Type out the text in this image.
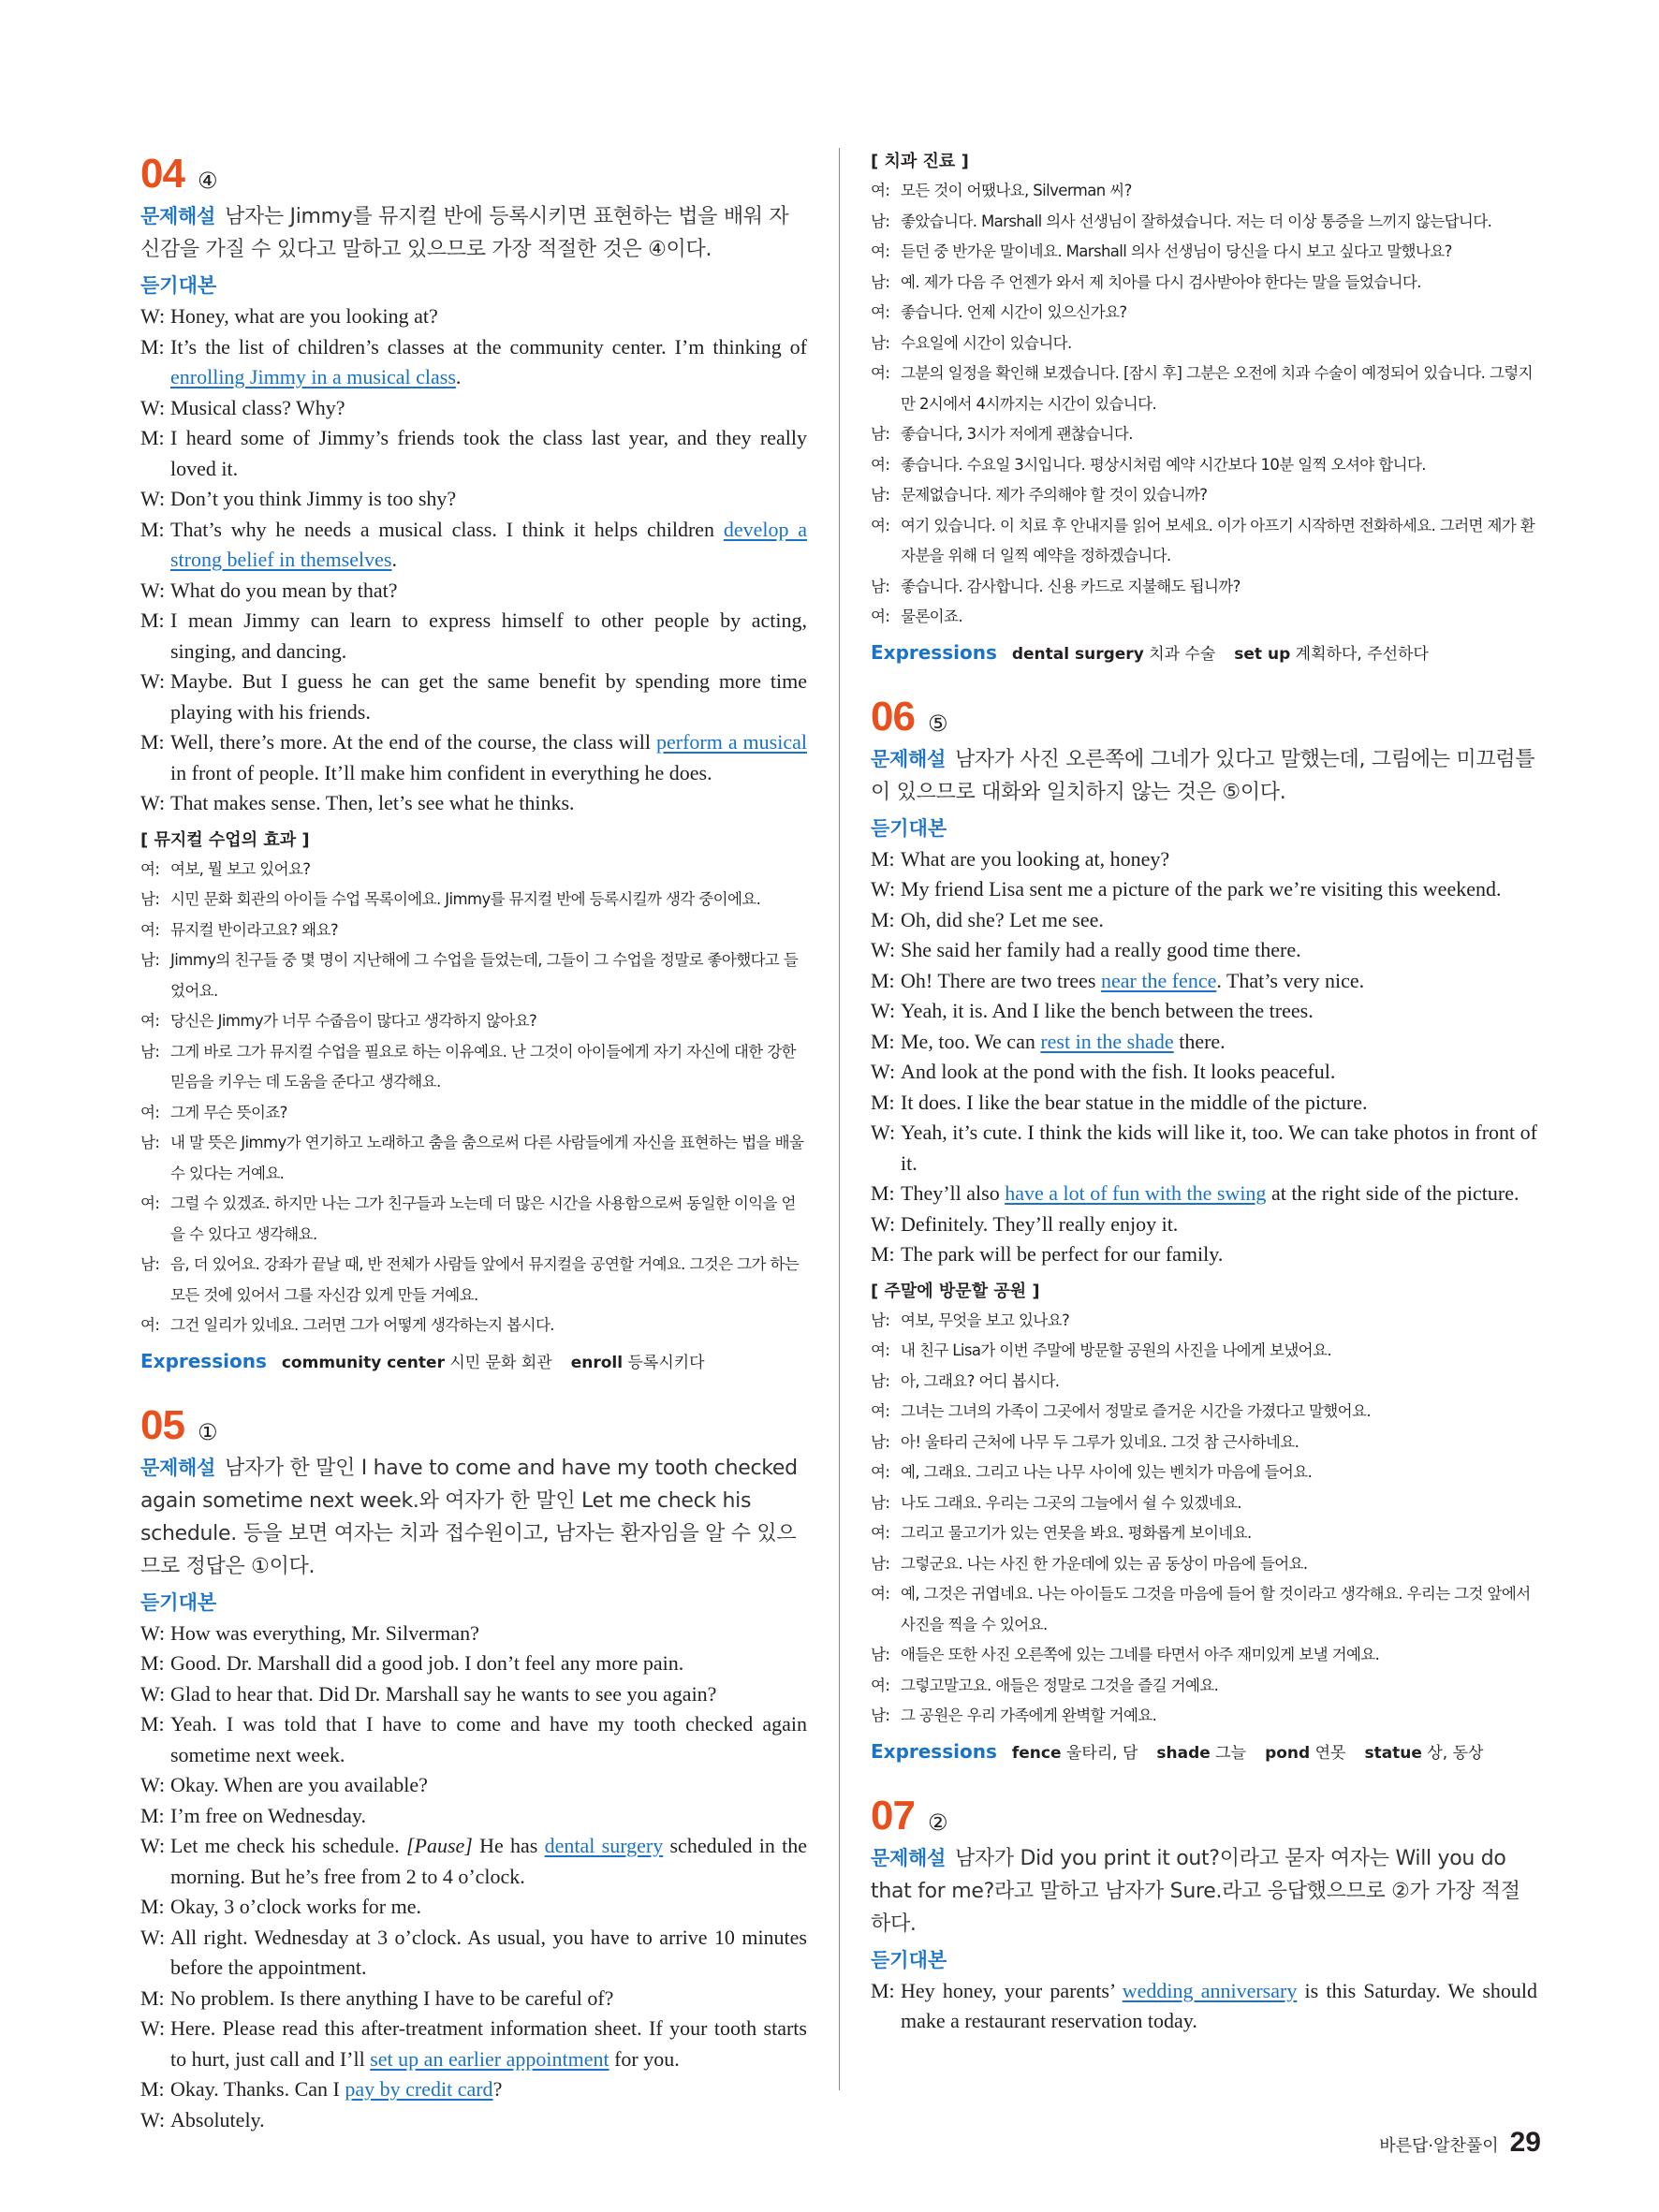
04 ④
문제해설 남자는 Jimmy를 뮤지컬 반에 등록시키면 표현하는 법을 배워 자신감을 가질 수 있다고 말하고 있으므로 가장 적절한 것은 ④이다.
듣기대본
W: Honey, what are you looking at?
M: It’s the list of children’s classes at the community center. I’m thinking of enrolling Jimmy in a musical class.
W: Musical class? Why?
M: I heard some of Jimmy’s friends took the class last year, and they really loved it.
W: Don’t you think Jimmy is too shy?
M: That’s why he needs a musical class. I think it helps children develop a strong belief in themselves.
W: What do you mean by that?
M: I mean Jimmy can learn to express himself to other people by acting, singing, and dancing.
W: Maybe. But I guess he can get the same benefit by spending more time playing with his friends.
M: Well, there’s more. At the end of the course, the class will perform a musical in front of people. It’ll make him confident in everything he does.
W: That makes sense. Then, let’s see what he thinks.
[ 뮤지컬 수업의 효과 ]
여: 여보, 뭘 보고 있어요?
남: 시민 문화 회관의 아이들 수업 목록이에요. Jimmy를 뮤지컬 반에 등록시킬까 생각 중이에요.
여: 뮤지컬 반이라고요? 왜요?
남: Jimmy의 친구들 중 몇 명이 지난해에 그 수업을 들었는데, 그들이 그 수업을 정말로 좋아했다고 들었어요.
여: 당신은 Jimmy가 너무 수줍음이 많다고 생각하지 않아요?
남: 그게 바로 그가 뮤지컬 수업을 필요로 하는 이유예요. 난 그것이 아이들에게 자기 자신에 대한 강한 믿음을 키우는 데 도움을 준다고 생각해요.
여: 그게 무슨 뜻이죠?
남: 내 말 뜻은 Jimmy가 연기하고 노래하고 춤을 춤으로써 다른 사람들에게 자신을 표현하는 법을 배울 수 있다는 거예요.
여: 그럴 수 있겠죠. 하지만 나는 그가 친구들과 노는데 더 많은 시간을 사용함으로써 동일한 이익을 얻을 수 있다고 생각해요.
남: 음, 더 있어요. 강좌가 끝날 때, 반 전체가 사람들 앞에서 뮤지컬을 공연할 거예요. 그것은 그가 하는 모든 것에 있어서 그를 자신감 있게 만들 거예요.
여: 그건 일리가 있네요. 그러면 그가 어떻게 생각하는지 봅시다.
Expressions community center 시민 문화 회관 enroll 등록시키다
05 ①
문제해설 남자가 한 말인 I have to come and have my tooth checked again sometime next week.와 여자가 한 말인 Let me check his schedule. 등을 보면 여자는 치과 접수원이고, 남자는 환자임을 알 수 있으므로 정답은 ①이다.
듣기대본
W: How was everything, Mr. Silverman?
M: Good. Dr. Marshall did a good job. I don’t feel any more pain.
W: Glad to hear that. Did Dr. Marshall say he wants to see you again?
M: Yeah. I was told that I have to come and have my tooth checked again sometime next week.
W: Okay. When are you available?
M: I’m free on Wednesday.
W: Let me check his schedule. [Pause] He has dental surgery scheduled in the morning. But he’s free from 2 to 4 o’clock.
M: Okay, 3 o’clock works for me.
W: All right. Wednesday at 3 o’clock. As usual, you have to arrive 10 minutes before the appointment.
M: No problem. Is there anything I have to be careful of?
W: Here. Please read this after-treatment information sheet. If your tooth starts to hurt, just call and I’ll set up an earlier appointment for you.
M: Okay. Thanks. Can I pay by credit card?
W: Absolutely.
[ 치과 진료 ]
여: 모든 것이 어땠나요, Silverman 씨?
남: 좋았습니다. Marshall 의사 선생님이 잘하셨습니다. 저는 더 이상 통증을 느끼지 않는답니다.
여: 듣던 중 반가운 말이네요. Marshall 의사 선생님이 당신을 다시 보고 싶다고 말했나요?
남: 예. 제가 다음 주 언젠가 와서 제 치아를 다시 검사받아야 한다는 말을 들었습니다.
여: 좋습니다. 언제 시간이 있으신가요?
남: 수요일에 시간이 있습니다.
여: 그분의 일정을 확인해 보겠습니다. [잠시 후] 그분은 오전에 치과 수술이 예정되어 있습니다. 그렇지만 2시에서 4시까지는 시간이 있습니다.
남: 좋습니다, 3시가 저에게 괜찮습니다.
여: 좋습니다. 수요일 3시입니다. 평상시처럼 예약 시간보다 10분 일찍 오셔야 합니다.
남: 문제없습니다. 제가 주의해야 할 것이 있습니까?
여: 여기 있습니다. 이 치료 후 안내지를 읽어 보세요. 이가 아프기 시작하면 전화하세요. 그러면 제가 환자분을 위해 더 일찍 예약을 정하겠습니다.
남: 좋습니다. 감사합니다. 신용 카드로 지불해도 됩니까?
여: 물론이죠.
Expressions dental surgery 치과 수술 set up 계획하다, 주선하다
06 ⑤
문제해설 남자가 사진 오른쪽에 그네가 있다고 말했는데, 그림에는 미끄럼틀이 있으므로 대화와 일치하지 않는 것은 ⑤이다.
듣기대본
M: What are you looking at, honey?
W: My friend Lisa sent me a picture of the park we’re visiting this weekend.
M: Oh, did she? Let me see.
W: She said her family had a really good time there.
M: Oh! There are two trees near the fence. That’s very nice.
W: Yeah, it is. And I like the bench between the trees.
M: Me, too. We can rest in the shade there.
W: And look at the pond with the fish. It looks peaceful.
M: It does. I like the bear statue in the middle of the picture.
W: Yeah, it’s cute. I think the kids will like it, too. We can take photos in front of it.
M: They’ll also have a lot of fun with the swing at the right side of the picture.
W: Definitely. They’ll really enjoy it.
M: The park will be perfect for our family.
[ 주말에 방문할 공원 ]
남: 여보, 무엇을 보고 있나요?
여: 내 친구 Lisa가 이번 주말에 방문할 공원의 사진을 나에게 보냈어요.
남: 아, 그래요? 어디 봅시다.
여: 그녀는 그녀의 가족이 그곳에서 정말로 즐거운 시간을 가졌다고 말했어요.
남: 아! 울타리 근처에 나무 두 그루가 있네요. 그것 참 근사하네요.
여: 예, 그래요. 그리고 나는 나무 사이에 있는 벤치가 마음에 들어요.
남: 나도 그래요. 우리는 그곳의 그늘에서 쉴 수 있겠네요.
여: 그리고 물고기가 있는 연못을 봐요. 평화롭게 보이네요.
남: 그렇군요. 나는 사진 한 가운데에 있는 곰 동상이 마음에 들어요.
여: 예, 그것은 귀엽네요. 나는 아이들도 그것을 마음에 들어 할 것이라고 생각해요. 우리는 그것 앞에서 사진을 찍을 수 있어요.
남: 애들은 또한 사진 오른쪽에 있는 그네를 타면서 아주 재미있게 보낼 거예요.
여: 그렇고말고요. 애들은 정말로 그것을 즐길 거예요.
남: 그 공원은 우리 가족에게 완벽할 거예요.
Expressions fence 울타리, 담 shade 그늘 pond 연못 statue 상, 동상
07 ②
문제해설 남자가 Did you print it out?이라고 묻자 여자는 Will you do that for me?라고 말하고 남자가 Sure.라고 응답했으므로 ②가 가장 적절하다.
듣기대본
M: Hey honey, your parents’ wedding anniversary is this Saturday. We should make a restaurant reservation today.
바른답·알찬풀이 29
